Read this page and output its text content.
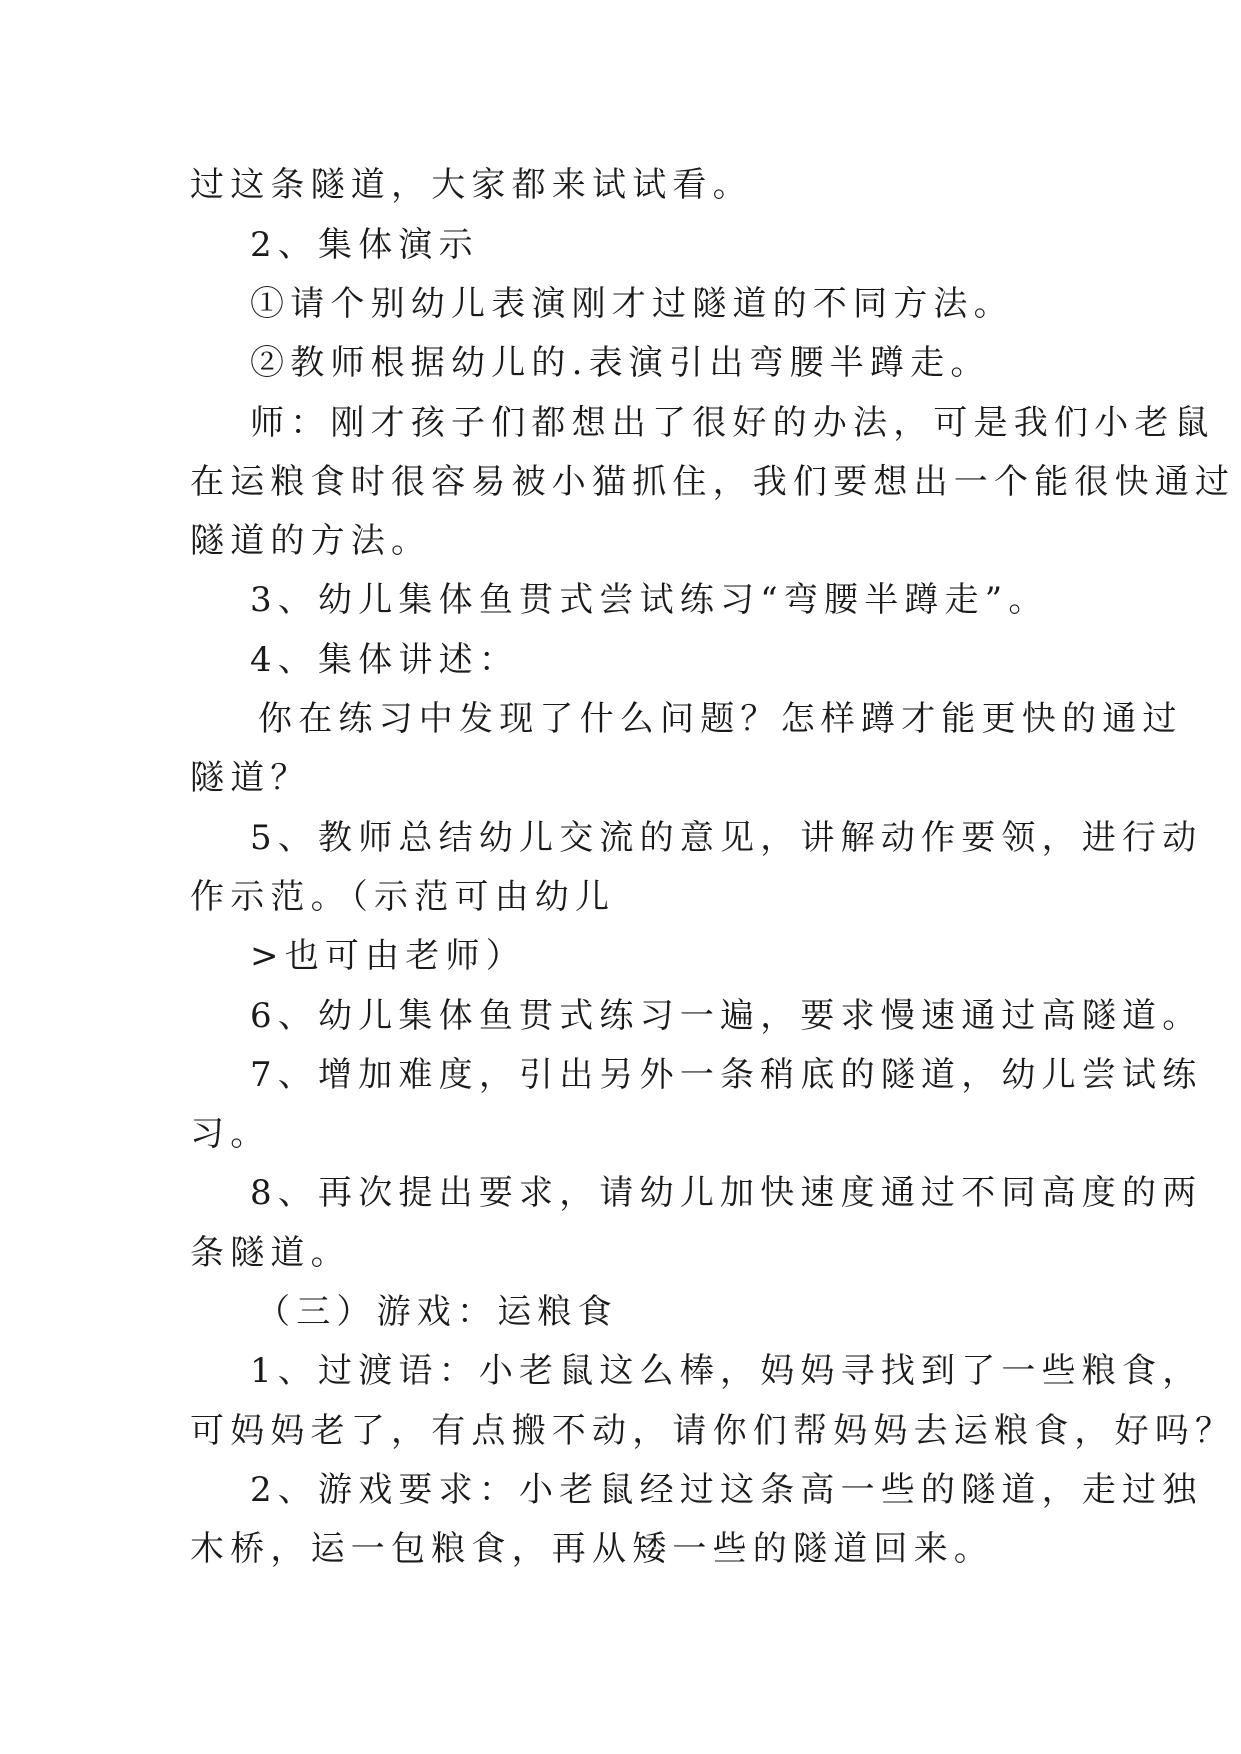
过这条隧道，大家都来试试看。
2、集体演示
①请个别幼儿表演刚才过隧道的不同方法。
②教师根据幼儿的.表演引出弯腰半蹲走。
师：刚才孩子们都想出了很好的办法，可是我们小老鼠
在运粮食时很容易被小猫抓住，我们要想出一个能很快通过
隧道的方法。
3、幼儿集体鱼贯式尝试练习“弯腰半蹲走”。
4、集体讲述：
你在练习中发现了什么问题？怎样蹲才能更快的通过
隧道？
5、教师总结幼儿交流的意见，讲解动作要领，进行动
作示范。（示范可由幼儿
>也可由老师）
6、幼儿集体鱼贯式练习一遍，要求慢速通过高隧道。
7、增加难度，引出另外一条稍底的隧道，幼儿尝试练
习。
8、再次提出要求，请幼儿加快速度通过不同高度的两
条隧道。
（三）游戏：运粮食
1、过渡语：小老鼠这么棒，妈妈寻找到了一些粮食，
可妈妈老了，有点搬不动，请你们帮妈妈去运粮食，好吗？
2、游戏要求：小老鼠经过这条高一些的隧道，走过独
木桥，运一包粮食，再从矮一些的隧道回来。
